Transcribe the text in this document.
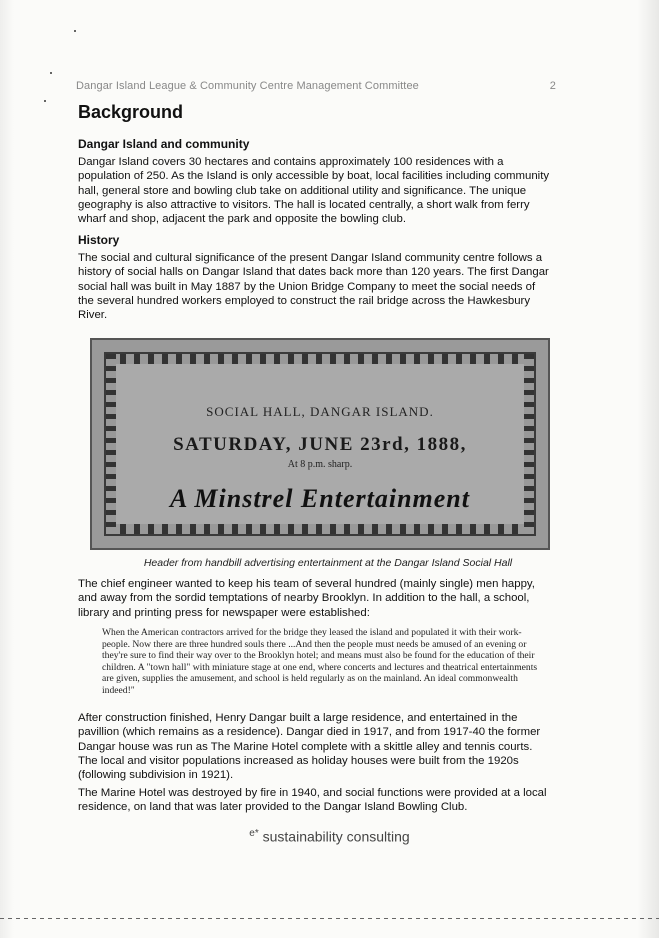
Dangar Island League & Community Centre Management Committee	2
Background
Dangar Island and community
Dangar Island covers 30 hectares and contains approximately 100 residences with a population of 250. As the Island is only accessible by boat, local facilities including community hall, general store and bowling club take on additional utility and significance. The unique geography is also attractive to visitors. The hall is located centrally, a short walk from ferry wharf and shop, adjacent the park and opposite the bowling club.
History
The social and cultural significance of the present Dangar Island community centre follows a history of social halls on Dangar Island that dates back more than 120 years. The first Dangar social hall was built in May 1887 by the Union Bridge Company to meet the social needs of the several hundred workers employed to construct the rail bridge across the Hawkesbury River.
SOCIAL HALL, DANGAR ISLAND.
SATURDAY, JUNE 23rd, 1888,
At 8 p.m. sharp.
A Minstrel Entertainment
Header from handbill advertising entertainment at the Dangar Island Social Hall
The chief engineer wanted to keep his team of several hundred (mainly single) men happy, and away from the sordid temptations of nearby Brooklyn. In addition to the hall, a school, library and printing press for newspaper were established:
When the American contractors arrived for the bridge they leased the island and populated it with their work-people. Now there are three hundred souls there ...And then the people must needs be amused of an evening or they're sure to find their way over to the Brooklyn hotel; and means must also be found for the education of their children. A "town hall" with miniature stage at one end, where concerts and lectures and theatrical entertainments are given, supplies the amusement, and school is held regularly as on the mainland. An ideal commonwealth indeed!"
After construction finished, Henry Dangar built a large residence, and entertained in the pavillion (which remains as a residence). Dangar died in 1917, and from 1917-40 the former Dangar house was run as The Marine Hotel complete with a skittle alley and tennis courts. The local and visitor populations increased as holiday houses were built from the 1920s (following subdivision in 1921).
The Marine Hotel was destroyed by fire in 1940, and social functions were provided at a local residence, on land that was later provided to the Dangar Island Bowling Club.
$^{e*}$ sustainability consulting
